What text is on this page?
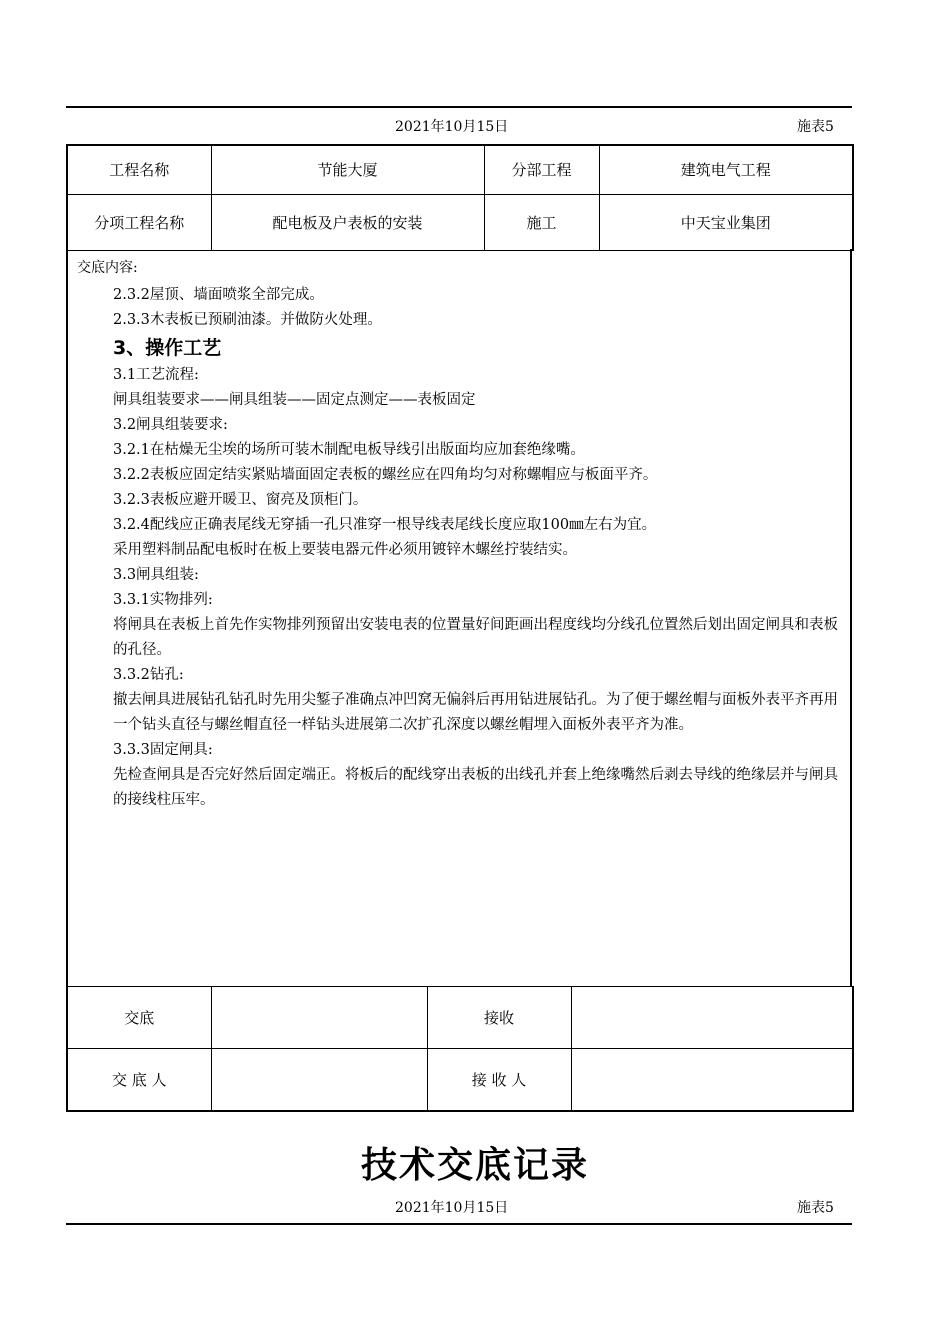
2021年10月15日	施表5
工程名称	节能大厦	分部工程	建筑电气工程
分项工程名称	配电板及户表板的安装	施工	中天宝业集团
交底内容:

2.3.2屋顶、墙面喷浆全部完成。

2.3.3木表板已预刷油漆。并做防火处理。

3、操作工艺

3.1工艺流程:

闸具组装要求——闸具组装——固定点测定——表板固定

3.2闸具组装要求:

3.2.1在枯燥无尘埃的场所可装木制配电板导线引出版面均应加套绝缘嘴。

3.2.2表板应固定结实紧贴墙面固定表板的螺丝应在四角均匀对称螺帽应与板面平齐。

3.2.3表板应避开暖卫、窗亮及顶柜门。

3.2.4配线应正确表尾线无穿插一孔只准穿一根导线表尾线长度应取100㎜左右为宜。

采用塑料制品配电板时在板上要装电器元件必须用镀锌木螺丝拧装结实。

3.3闸具组装:

3.3.1实物排列:

将闸具在表板上首先作实物排列预留出安装电表的位置量好间距画出程度线均分线孔位置然后划出固定闸具和表板的孔径。

3.3.2钻孔:

撤去闸具进展钻孔钻孔时先用尖錾子准确点冲凹窝无偏斜后再用钻进展钻孔。为了便于螺丝帽与面板外表平齐再用一个钻头直径与螺丝帽直径一样钻头进展第二次扩孔深度以螺丝帽埋入面板外表平齐为准。

3.3.3固定闸具:

先检查闸具是否完好然后固定端正。将板后的配线穿出表板的出线孔并套上绝缘嘴然后剥去导线的绝缘层并与闸具的接线柱压牢。

交底		接收	
交 底 人		接 收 人	
技术交底记录
2021年10月15日	施表5
